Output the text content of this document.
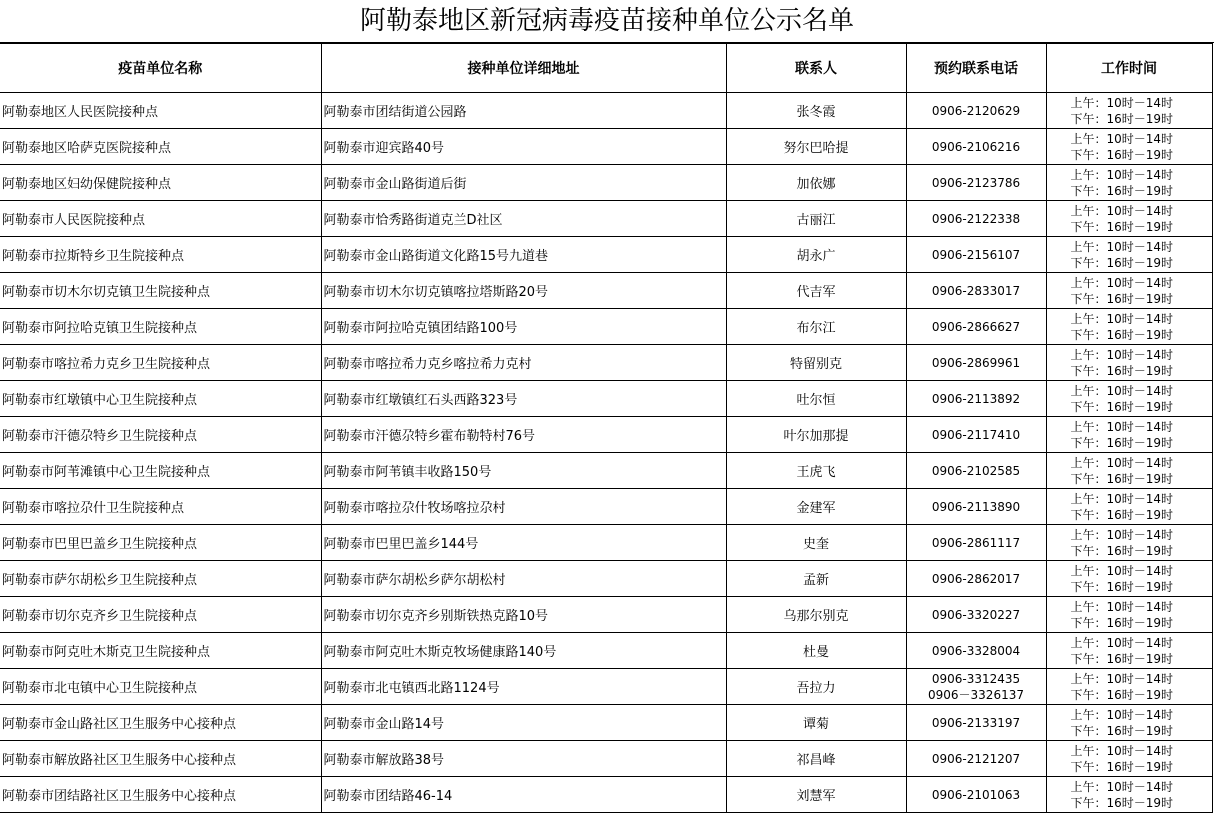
阿勒泰地区新冠病毒疫苗接种单位公示名单
疫苗单位名称	接种单位详细地址	联系人	预约联系电话	工作时间
阿勒泰地区人民医院接种点	阿勒泰市团结街道公园路	张冬霞	0906-2120629	上午：10时－14时
下午：16时－19时

阿勒泰地区哈萨克医院接种点	阿勒泰市迎宾路40号	努尔巴哈提	0906-2106216	上午：10时－14时
下午：16时－19时

阿勒泰地区妇幼保健院接种点	阿勒泰市金山路街道后街	加依娜	0906-2123786	上午：10时－14时
下午：16时－19时

阿勒泰市人民医院接种点	阿勒泰市恰秀路街道克兰D社区	古丽江	0906-2122338	上午：10时－14时
下午：16时－19时

阿勒泰市拉斯特乡卫生院接种点	阿勒泰市金山路街道文化路15号九道巷	胡永广	0906-2156107	上午：10时－14时
下午：16时－19时

阿勒泰市切木尔切克镇卫生院接种点	阿勒泰市切木尔切克镇喀拉塔斯路20号	代吉军	0906-2833017	上午：10时－14时
下午：16时－19时

阿勒泰市阿拉哈克镇卫生院接种点	阿勒泰市阿拉哈克镇团结路100号	布尔江	0906-2866627	上午：10时－14时
下午：16时－19时

阿勒泰市喀拉希力克乡卫生院接种点	阿勒泰市喀拉希力克乡喀拉希力克村	特留别克	0906-2869961	上午：10时－14时
下午：16时－19时

阿勒泰市红墩镇中心卫生院接种点	阿勒泰市红墩镇红石头西路323号	吐尔恒	0906-2113892	上午：10时－14时
下午：16时－19时

阿勒泰市汗德尕特乡卫生院接种点	阿勒泰市汗德尕特乡霍布勒特村76号	叶尔加那提	0906-2117410	上午：10时－14时
下午：16时－19时

阿勒泰市阿苇滩镇中心卫生院接种点	阿勒泰市阿苇镇丰收路150号	王虎飞	0906-2102585	上午：10时－14时
下午：16时－19时

阿勒泰市喀拉尕什卫生院接种点	阿勒泰市喀拉尕什牧场喀拉尕村	金建军	0906-2113890	上午：10时－14时
下午：16时－19时

阿勒泰市巴里巴盖乡卫生院接种点	阿勒泰市巴里巴盖乡144号	史奎	0906-2861117	上午：10时－14时
下午：16时－19时

阿勒泰市萨尔胡松乡卫生院接种点	阿勒泰市萨尔胡松乡萨尔胡松村	孟新	0906-2862017	上午：10时－14时
下午：16时－19时

阿勒泰市切尔克齐乡卫生院接种点	阿勒泰市切尔克齐乡别斯铁热克路10号	乌那尔别克	0906-3320227	上午：10时－14时
下午：16时－19时

阿勒泰市阿克吐木斯克卫生院接种点	阿勒泰市阿克吐木斯克牧场健康路140号	杜曼	0906-3328004	上午：10时－14时
下午：16时－19时

阿勒泰市北屯镇中心卫生院接种点	阿勒泰市北屯镇西北路1124号	吾拉力	0906-3312435
0906－3326137	上午：10时－14时
下午：16时－19时

阿勒泰市金山路社区卫生服务中心接种点	阿勒泰市金山路14号	谭菊	0906-2133197	上午：10时－14时
下午：16时－19时

阿勒泰市解放路社区卫生服务中心接种点	阿勒泰市解放路38号	祁昌峰	0906-2121207	上午：10时－14时
下午：16时－19时

阿勒泰市团结路社区卫生服务中心接种点	阿勒泰市团结路46-14	刘慧军	0906-2101063	上午：10时－14时
下午：16时－19时
